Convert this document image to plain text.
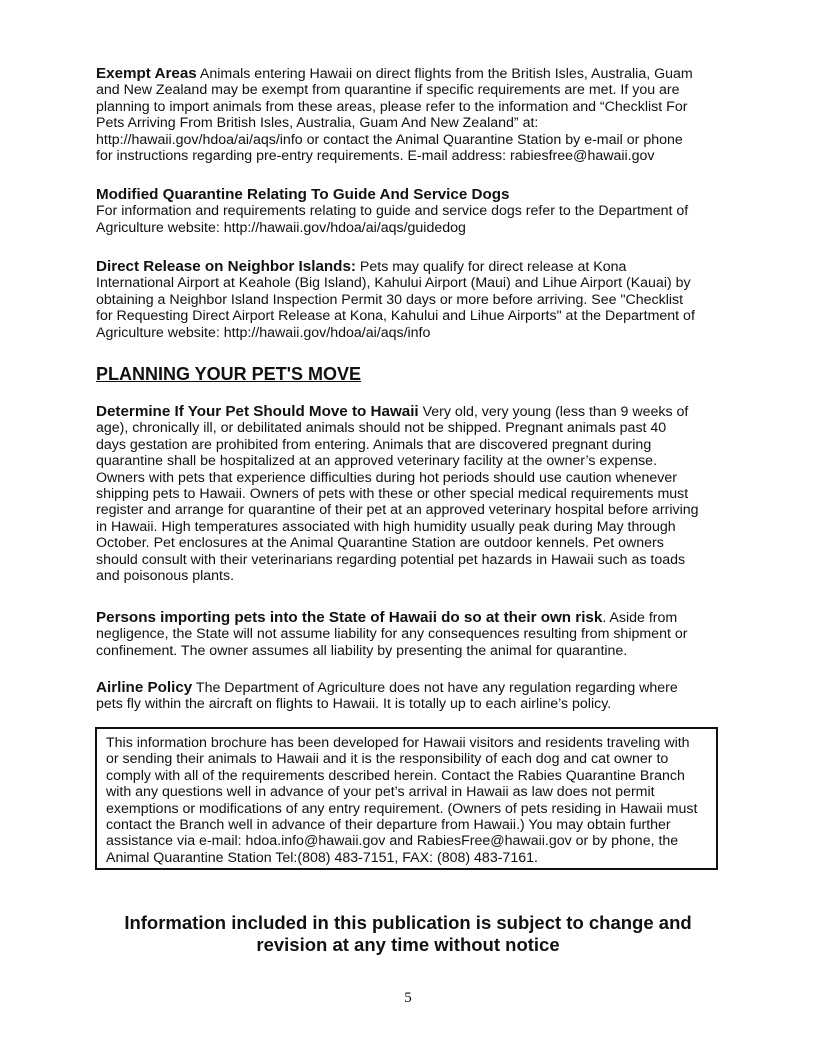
Exempt Areas Animals entering Hawaii on direct flights from the British Isles, Australia, Guam
and New Zealand may be exempt from quarantine if specific requirements are met. If you are
planning to import animals from these areas, please refer to the information and “Checklist For
Pets Arriving From British Isles, Australia, Guam And New Zealand” at:
http://hawaii.gov/hdoa/ai/aqs/info or contact the Animal Quarantine Station by e-mail or phone
for instructions regarding pre-entry requirements. E-mail address: rabiesfree@hawaii.gov
Modified Quarantine Relating To Guide And Service Dogs
For information and requirements relating to guide and service dogs refer to the Department of
Agriculture website: http://hawaii.gov/hdoa/ai/aqs/guidedog
Direct Release on Neighbor Islands: Pets may qualify for direct release at Kona
International Airport at Keahole (Big Island), Kahului Airport (Maui) and Lihue Airport (Kauai) by
obtaining a Neighbor Island Inspection Permit 30 days or more before arriving. See "Checklist
for Requesting Direct Airport Release at Kona, Kahului and Lihue Airports" at the Department of
Agriculture website: http://hawaii.gov/hdoa/ai/aqs/info
PLANNING YOUR PET'S MOVE
Determine If Your Pet Should Move to Hawaii Very old, very young (less than 9 weeks of
age), chronically ill, or debilitated animals should not be shipped. Pregnant animals past 40
days gestation are prohibited from entering. Animals that are discovered pregnant during
quarantine shall be hospitalized at an approved veterinary facility at the owner’s expense.
Owners with pets that experience difficulties during hot periods should use caution whenever
shipping pets to Hawaii. Owners of pets with these or other special medical requirements must
register and arrange for quarantine of their pet at an approved veterinary hospital before arriving
in Hawaii. High temperatures associated with high humidity usually peak during May through
October. Pet enclosures at the Animal Quarantine Station are outdoor kennels. Pet owners
should consult with their veterinarians regarding potential pet hazards in Hawaii such as toads
and poisonous plants.
Persons importing pets into the State of Hawaii do so at their own risk. Aside from
negligence, the State will not assume liability for any consequences resulting from shipment or
confinement. The owner assumes all liability by presenting the animal for quarantine.
Airline Policy The Department of Agriculture does not have any regulation regarding where
pets fly within the aircraft on flights to Hawaii. It is totally up to each airline’s policy.
This information brochure has been developed for Hawaii visitors and residents traveling with
or sending their animals to Hawaii and it is the responsibility of each dog and cat owner to
comply with all of the requirements described herein. Contact the Rabies Quarantine Branch
with any questions well in advance of your pet’s arrival in Hawaii as law does not permit
exemptions or modifications of any entry requirement. (Owners of pets residing in Hawaii must
contact the Branch well in advance of their departure from Hawaii.) You may obtain further
assistance via e-mail: hdoa.info@hawaii.gov and RabiesFree@hawaii.gov or by phone, the
Animal Quarantine Station Tel:(808) 483-7151, FAX: (808) 483-7161.
Information included in this publication is subject to change and
revision at any time without notice
5
